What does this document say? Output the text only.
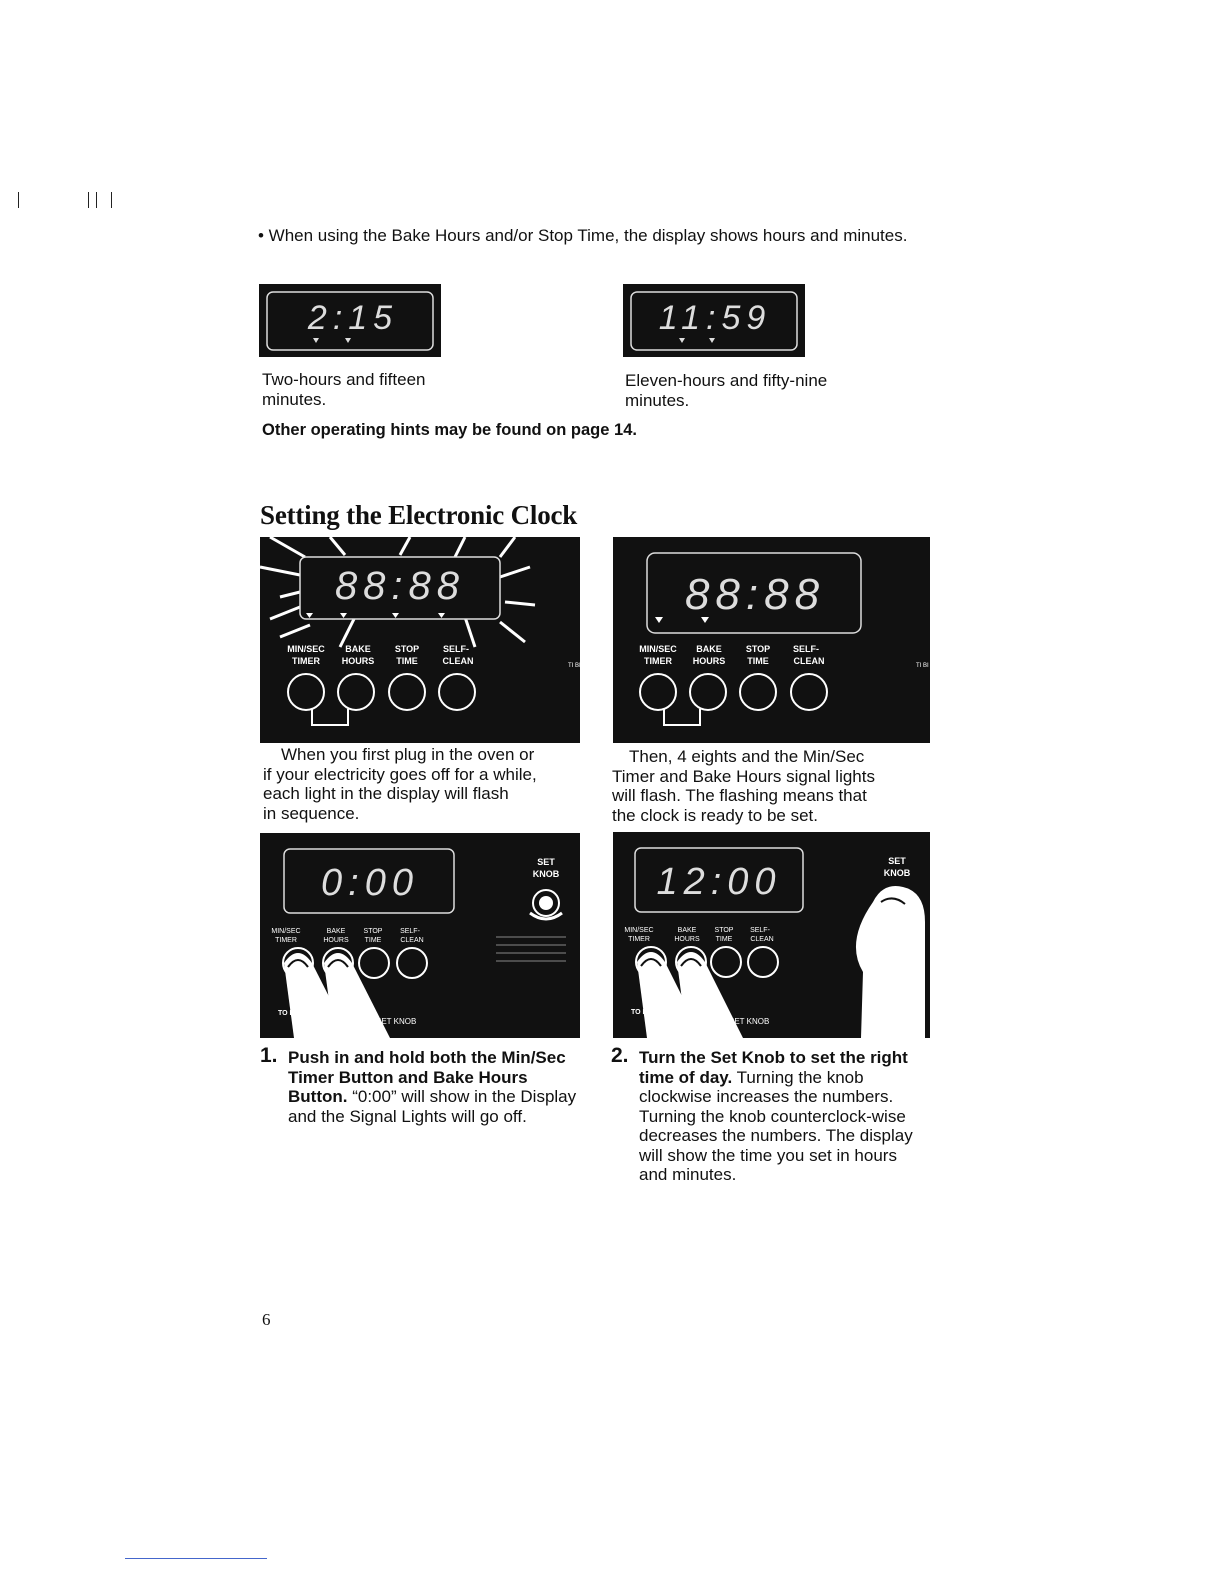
• When using the Bake Hours and/or Stop Time, the display shows hours and minutes.
2:15
Two-hours and fifteen
minutes.
11:59
Eleven-hours and fifty-nine
minutes.
Other operating hints may be found on page 14.
Setting the Electronic Clock
88:88
MIN/SEC
TIMER
BAKE
HOURS
STOP
TIME
SELF-
CLEAN	TI BI TI TI
When you first plug in the oven or
if your electricity goes off for a while,
each light in the display will flash
in sequence.
88:88
MIN/SEC
TIMER
BAKE
HOURS
STOP
TIME
SELF-
CLEAN	TI BI TI TI
Then, 4 eights and the Min/Sec
Timer and Bake Hours signal lights
will flash. The flashing means that
the clock is ready to be set.
0:00	SET
KNOB
MIN/SEC
TIMER
BAKE
HOURS
STOP
TIME
SELF-
CLEAN
TO PRE
SET KNOB
12:00	SET
KNOB
MIN/SEC
TIMER
BAKE
HOURS
STOP
TIME
SELF-
CLEAN
TO PRE
SET KNOB
1. Push in and hold both the Min/Sec Timer Button and Bake Hours Button. “0:00” will show in the Display and the Signal Lights will go off.
2. Turn the Set Knob to set the right time of day. Turning the knob clockwise increases the numbers. Turning the knob counterclock-wise decreases the numbers. The display will show the time you set in hours and minutes.
6
